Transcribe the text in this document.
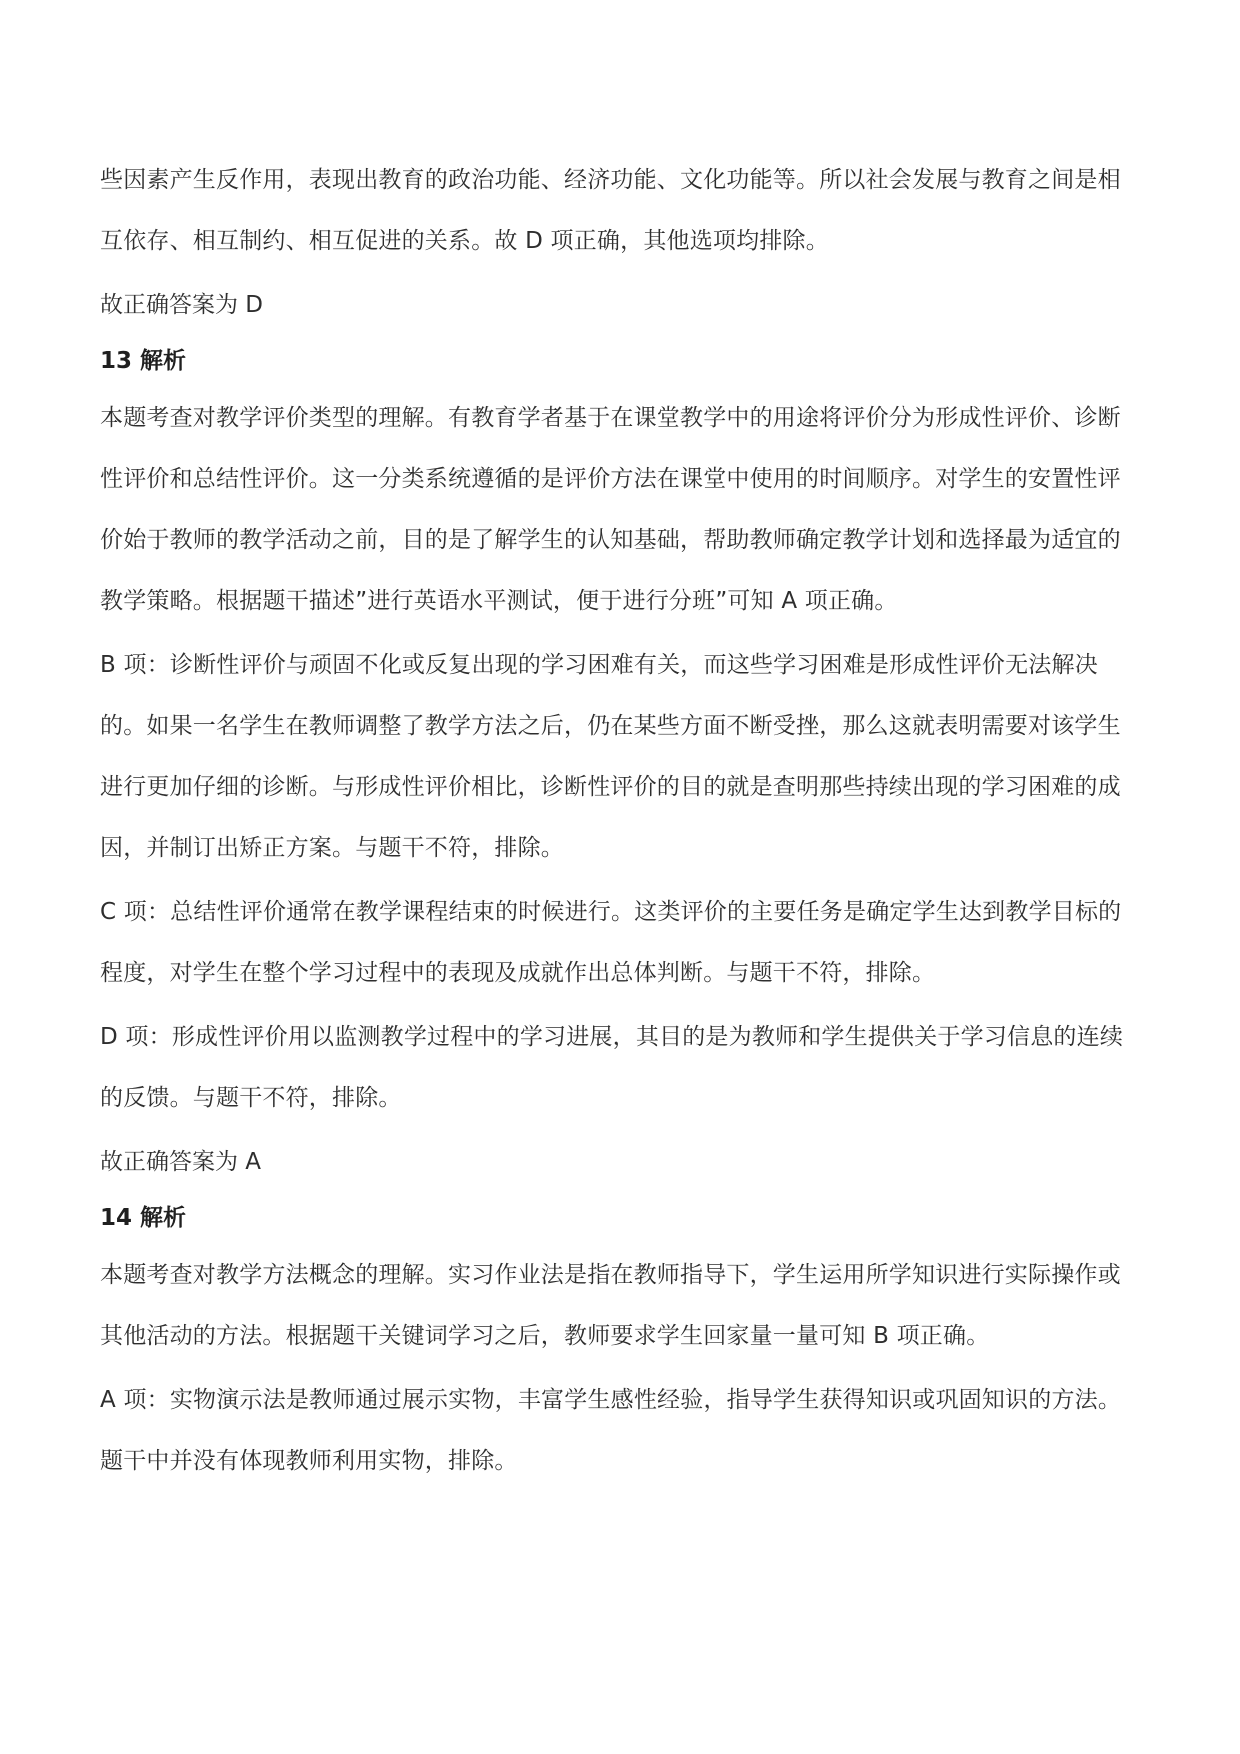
些因素产生反作用，表现出教育的政治功能、经济功能、文化功能等。所以社会发展与教育之间是相互依存、相互制约、相互促进的关系。故 D 项正确，其他选项均排除。

故正确答案为 D

13 解析

本题考查对教学评价类型的理解。有教育学者基于在课堂教学中的用途将评价分为形成性评价、诊断性评价和总结性评价。这一分类系统遵循的是评价方法在课堂中使用的时间顺序。对学生的安置性评价始于教师的教学活动之前，目的是了解学生的认知基础，帮助教师确定教学计划和选择最为适宜的教学策略。根据题干描述”进行英语水平测试，便于进行分班”可知 A 项正确。

B 项：诊断性评价与顽固不化或反复出现的学习困难有关，而这些学习困难是形成性评价无法解决的。如果一名学生在教师调整了教学方法之后，仍在某些方面不断受挫，那么这就表明需要对该学生进行更加仔细的诊断。与形成性评价相比，诊断性评价的目的就是查明那些持续出现的学习困难的成因，并制订出矫正方案。与题干不符，排除。

C 项：总结性评价通常在教学课程结束的时候进行。这类评价的主要任务是确定学生达到教学目标的程度，对学生在整个学习过程中的表现及成就作出总体判断。与题干不符，排除。

D 项：形成性评价用以监测教学过程中的学习进展，其目的是为教师和学生提供关于学习信息的连续的反馈。与题干不符，排除。

故正确答案为 A

14 解析

本题考查对教学方法概念的理解。实习作业法是指在教师指导下，学生运用所学知识进行实际操作或其他活动的方法。根据题干关键词学习之后，教师要求学生回家量一量可知 B 项正确。

A 项：实物演示法是教师通过展示实物，丰富学生感性经验，指导学生获得知识或巩固知识的方法。题干中并没有体现教师利用实物，排除。
